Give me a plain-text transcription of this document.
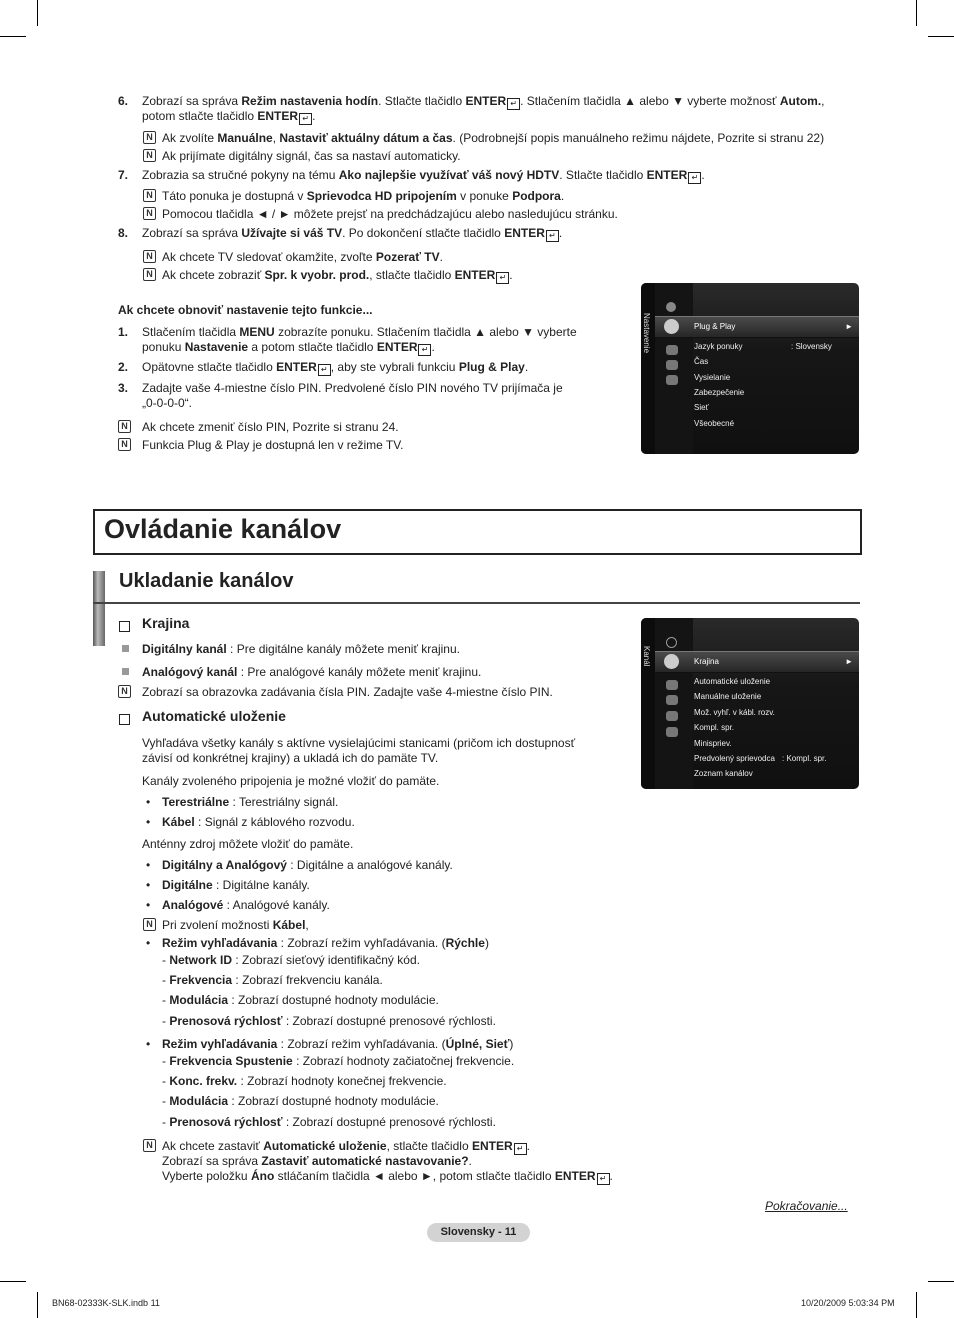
6. Zobrazí sa správa Režim nastavenia hodín. Stlačte tlačidlo ENTER ↵ . Stlačením tlačidla ▲ alebo ▼ vyberte možnosť Autom.,
potom stlačte tlačidlo ENTER ↵ .
N Ak zvolíte Manuálne, Nastaviť aktuálny dátum a čas. (Podrobnejší popis manuálneho režimu nájdete, Pozrite si stranu 22)
N Ak prijímate digitálny signál, čas sa nastaví automaticky.
7. Zobrazia sa stručné pokyny na tému Ako najlepšie využívať váš nový HDTV. Stlačte tlačidlo ENTER ↵ .
N Táto ponuka je dostupná v Sprievodca HD pripojením v ponuke Podpora.
N Pomocou tlačidla ◄ / ► môžete prejsť na predchádzajúcu alebo nasledujúcu stránku.
8. Zobrazí sa správa Užívajte si váš TV. Po dokončení stlačte tlačidlo ENTER ↵ .
N Ak chcete TV sledovať okamžite, zvoľte Pozerať TV.
N Ak chcete zobraziť Spr. k vyobr. prod., stlačte tlačidlo ENTER ↵ .
Ak chcete obnoviť nastavenie tejto funkcie...
1. Stlačením tlačidla MENU zobrazíte ponuku. Stlačením tlačidla ▲ alebo ▼ vyberte
ponuku Nastavenie a potom stlačte tlačidlo ENTER ↵ .
2. Opätovne stlačte tlačidlo ENTER ↵ , aby ste vybrali funkciu Plug & Play.
3. Zadajte vaše 4-miestne číslo PIN. Predvolené číslo PIN nového TV prijímača je
„0-0-0-0“.
N Ak chcete zmeniť číslo PIN, Pozrite si stranu 24.
N Funkcia Plug & Play je dostupná len v režime TV.
Nastavenie	Plug & Play	►
Jazyk ponuky	: Slovensky
Čas
Vysielanie
Zabezpečenie
Sieť
Všeobecné
Ovládanie kanálov
Ukladanie kanálov
Krajina
Digitálny kanál : Pre digitálne kanály môžete meniť krajinu.
Analógový kanál : Pre analógové kanály môžete meniť krajinu.
N Zobrazí sa obrazovka zadávania čísla PIN. Zadajte vaše 4-miestne číslo PIN.
Automatické uloženie
Vyhľadáva všetky kanály s aktívne vysielajúcimi stanicami (pričom ich dostupnosť
závisí od konkrétnej krajiny) a ukladá ich do pamäte TV.
Kanály zvoleného pripojenia je možné vložiť do pamäte.
• Terestriálne : Terestriálny signál.
• Kábel : Signál z káblového rozvodu.
Anténny zdroj môžete vložiť do pamäte.
• Digitálny a Analógový : Digitálne a analógové kanály.
• Digitálne : Digitálne kanály.
• Analógové : Analógové kanály.
N Pri zvolení možnosti Kábel,
• Režim vyhľadávania : Zobrazí režim vyhľadávania. (Rýchle)
- Network ID : Zobrazí sieťový identifikačný kód.
- Frekvencia : Zobrazí frekvenciu kanála.
- Modulácia : Zobrazí dostupné hodnoty modulácie.
- Prenosová rýchlosť : Zobrazí dostupné prenosové rýchlosti.
• Režim vyhľadávania : Zobrazí režim vyhľadávania. (Úplné, Sieť)
- Frekvencia Spustenie : Zobrazí hodnoty začiatočnej frekvencie.
- Konc. frekv. : Zobrazí hodnoty konečnej frekvencie.
- Modulácia : Zobrazí dostupné hodnoty modulácie.
- Prenosová rýchlosť : Zobrazí dostupné prenosové rýchlosti.
N Ak chcete zastaviť Automatické uloženie, stlačte tlačidlo ENTER ↵ .
Zobrazí sa správa Zastaviť automatické nastavovanie?.
Vyberte položku Áno stláčaním tlačidla ◄ alebo ►, potom stlačte tlačidlo ENTER ↵ .
Kanál	Krajina	►
Automatické uloženie
Manuálne uloženie
Mož. vyhľ. v kábl. rozv.
Kompl. spr.
Minispriev.
Predvolený sprievodca : Kompl. spr.
Zoznam kanálov
Pokračovanie...
Slovensky - 11
BN68-02333K-SLK.indb 11	10/20/2009 5:03:34 PM
